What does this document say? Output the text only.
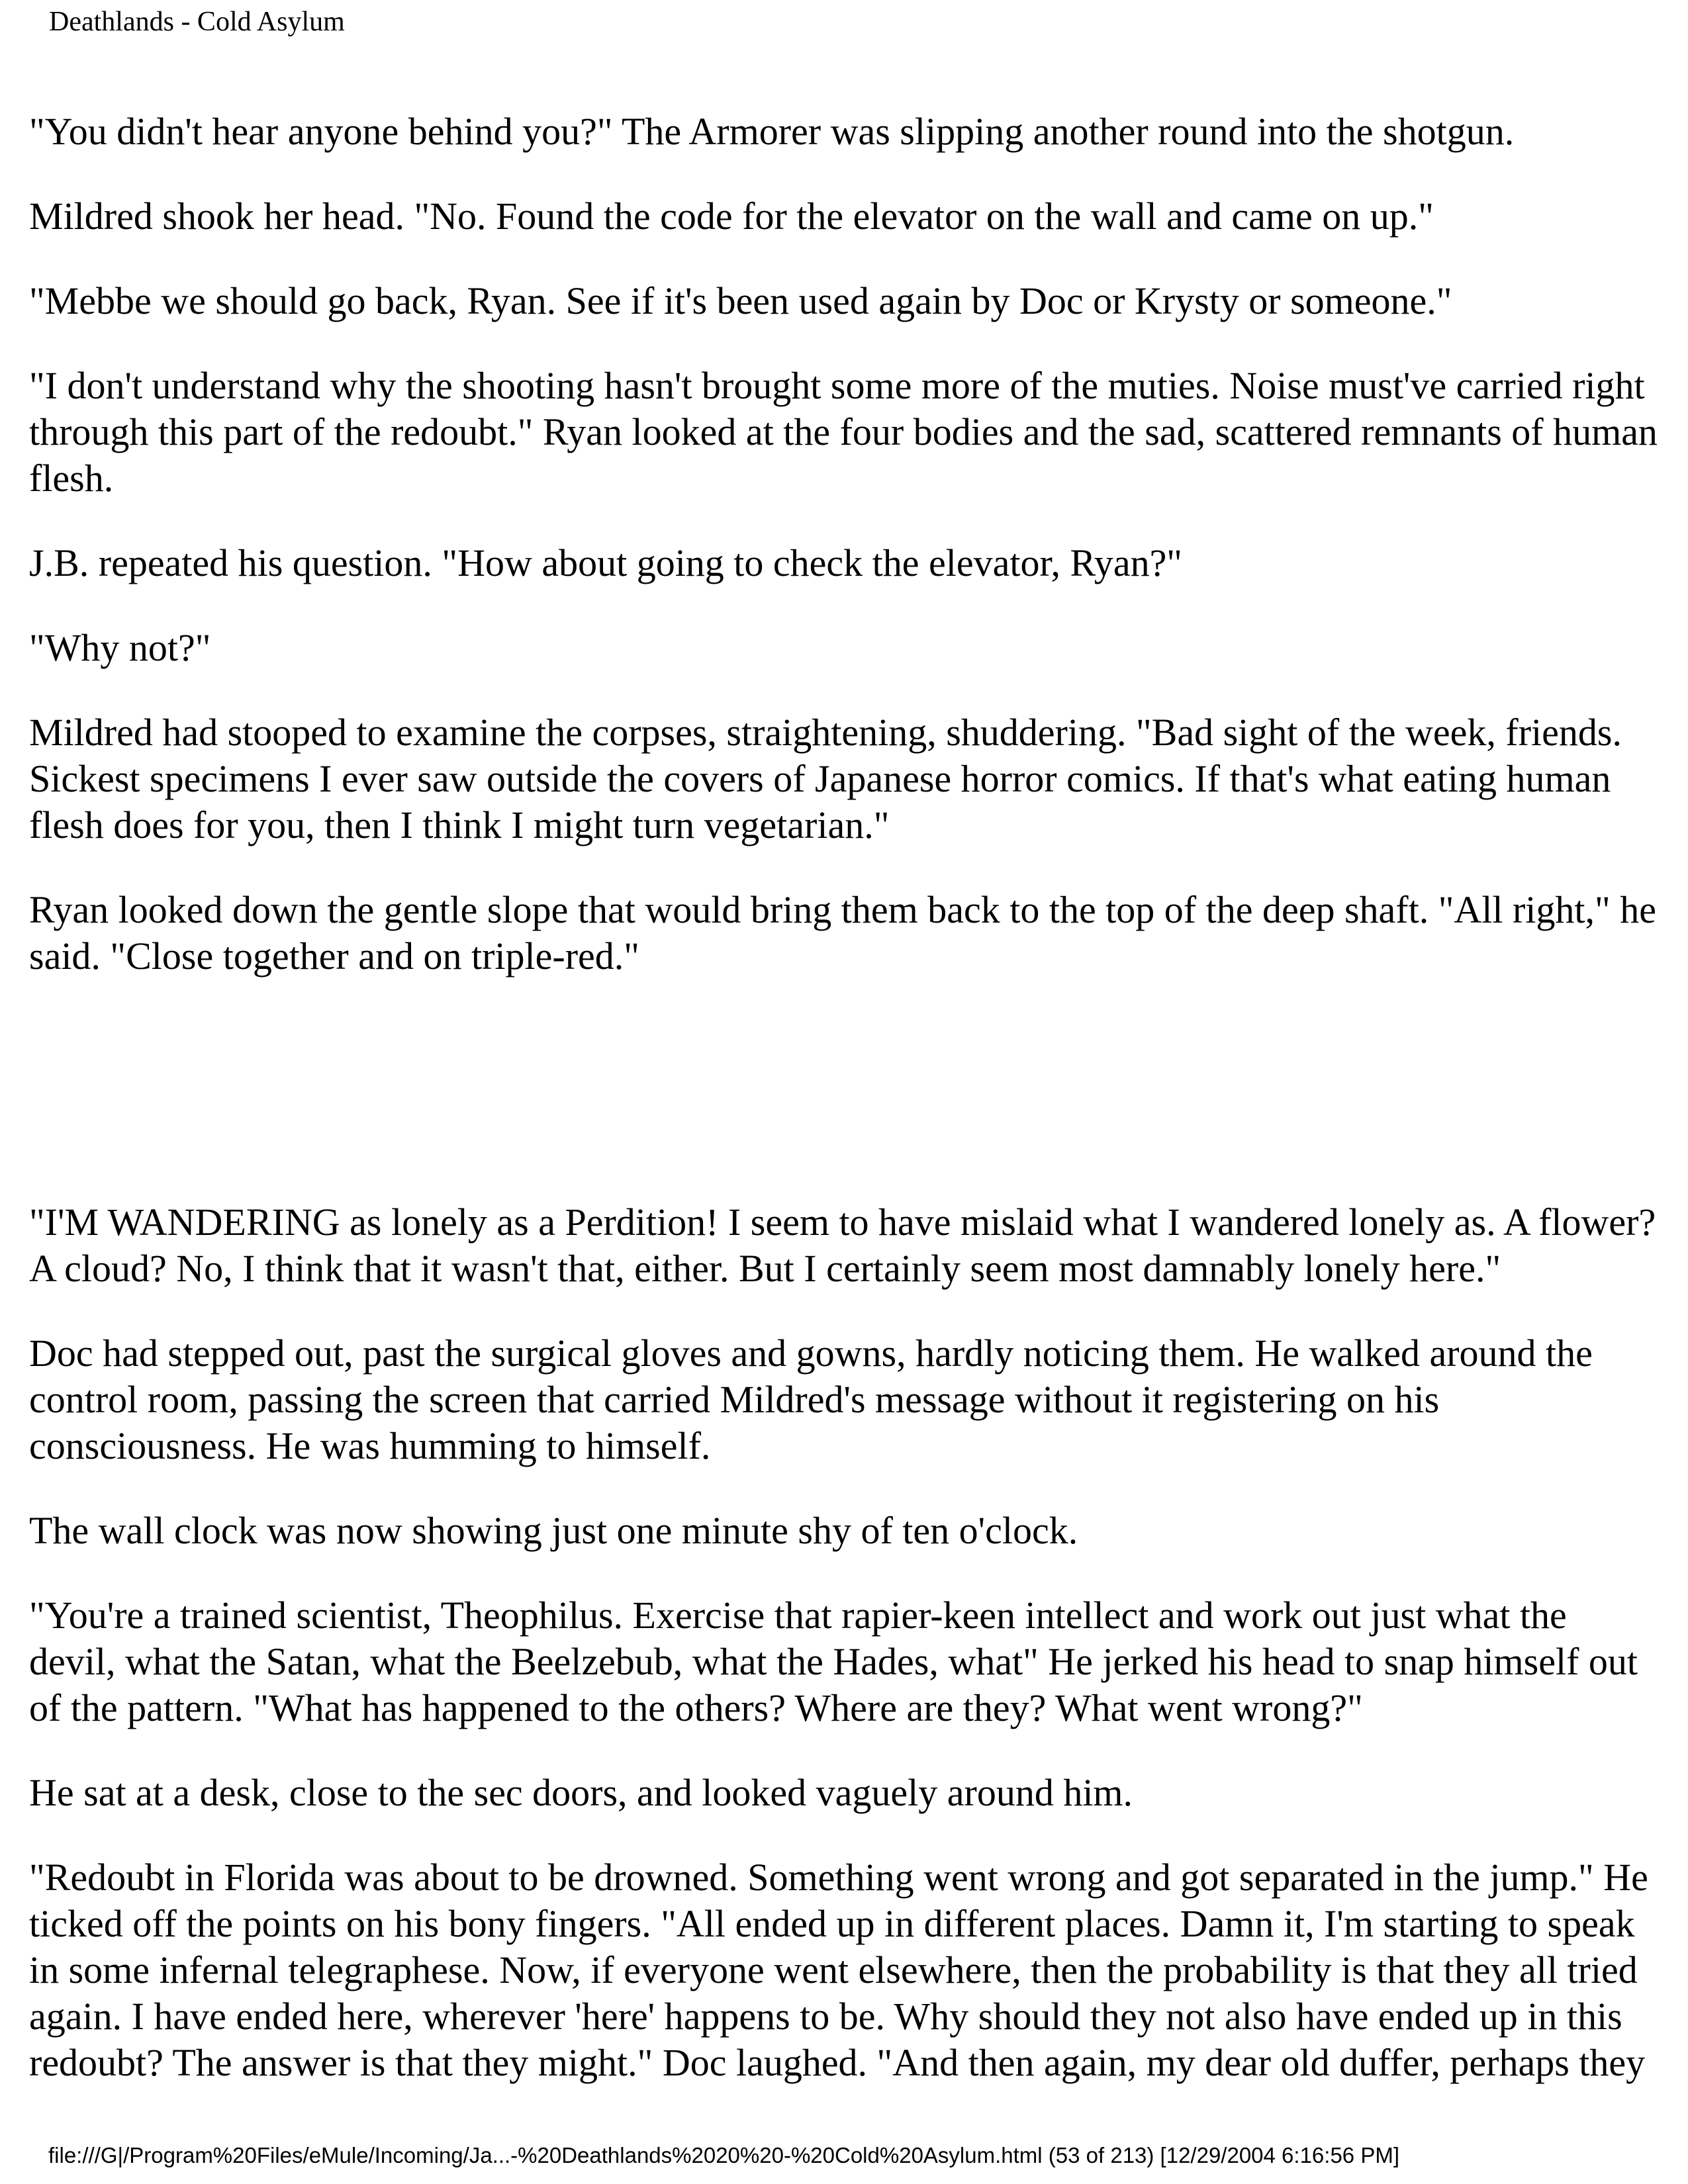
Deathlands - Cold Asylum

"You didn't hear anyone behind you?" The Armorer was slipping another round into the shotgun.

Mildred shook her head. "No. Found the code for the elevator on the wall and came on up."

"Mebbe we should go back, Ryan. See if it's been used again by Doc or Krysty or someone."

"I don't understand why the shooting hasn't brought some more of the muties. Noise must've carried right through this part of the redoubt." Ryan looked at the four bodies and the sad, scattered remnants of human flesh.

J.B. repeated his question. "How about going to check the elevator, Ryan?"

"Why not?"

Mildred had stooped to examine the corpses, straightening, shuddering. "Bad sight of the week, friends. Sickest specimens I ever saw outside the covers of Japanese horror comics. If that's what eating human flesh does for you, then I think I might turn vegetarian."

Ryan looked down the gentle slope that would bring them back to the top of the deep shaft. "All right," he said. "Close together and on triple-red."

"I'M WANDERING as lonely as a Perdition! I seem to have mislaid what I wandered lonely as. A flower? A cloud? No, I think that it wasn't that, either. But I certainly seem most damnably lonely here."

Doc had stepped out, past the surgical gloves and gowns, hardly noticing them. He walked around the control room, passing the screen that carried Mildred's message without it registering on his consciousness. He was humming to himself.

The wall clock was now showing just one minute shy of ten o'clock.

"You're a trained scientist, Theophilus. Exercise that rapier-keen intellect and work out just what the devil, what the Satan, what the Beelzebub, what the Hades, what" He jerked his head to snap himself out of the pattern. "What has happened to the others? Where are they? What went wrong?"

He sat at a desk, close to the sec doors, and looked vaguely around him.

"Redoubt in Florida was about to be drowned. Something went wrong and got separated in the jump." He ticked off the points on his bony fingers. "All ended up in different places. Damn it, I'm starting to speak in some infernal telegraphese. Now, if everyone went elsewhere, then the probability is that they all tried again. I have ended here, wherever 'here' happens to be. Why should they not also have ended up in this redoubt? The answer is that they might." Doc laughed. "And then again, my dear old duffer, perhaps they

file:///G|/Program%20Files/eMule/Incoming/Ja...-%20Deathlands%2020%20-%20Cold%20Asylum.html (53 of 213) [12/29/2004 6:16:56 PM]
